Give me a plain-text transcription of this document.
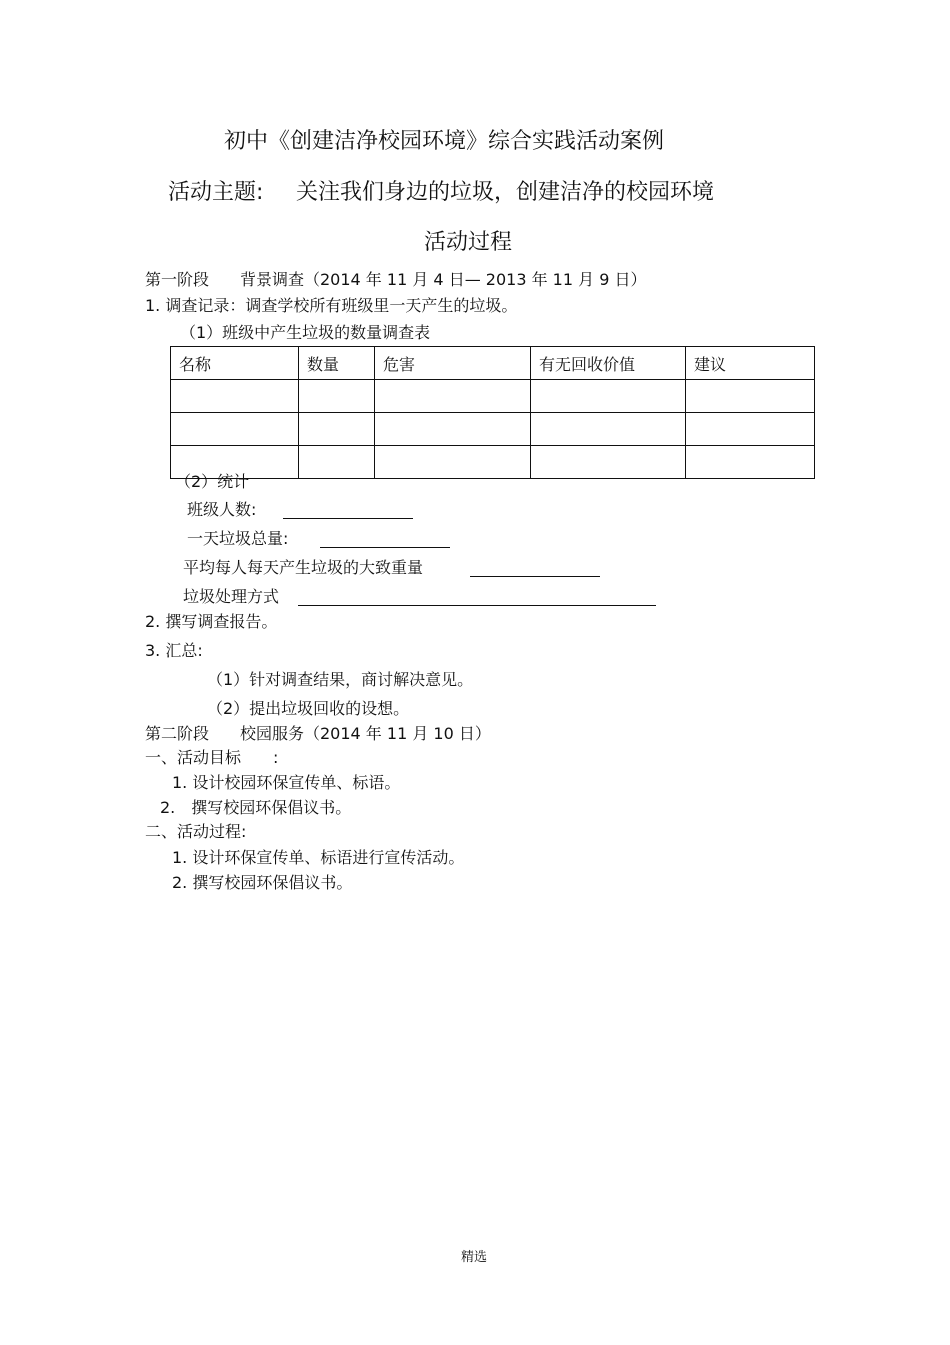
初中《创建洁净校园环境》综合实践活动案例
活动主题: 关注我们身边的垃圾，创建洁净的校园环境
活动过程
第一阶段 背景调查（2014 年 11 月 4 日— 2013 年 11 月 9 日）
1. 调查记录：调查学校所有班级里一天产生的垃圾。
（1）班级中产生垃圾的数量调查表
名称	数量	危害	有无回收价值	建议

（2）统计
班级人数:
一天垃圾总量:
平均每人每天产生垃圾的大致重量
垃圾处理方式
2. 撰写调查报告。
3. 汇总:
（1）针对调查结果，商讨解决意见。
（2）提出垃圾回收的设想。
第二阶段 校园服务（2014 年 11 月 10 日）
一、活动目标　　:
1. 设计校园环保宣传单、标语。
2.　撰写校园环保倡议书。
二、活动过程:
1. 设计环保宣传单、标语进行宣传活动。
2. 撰写校园环保倡议书。
精选
